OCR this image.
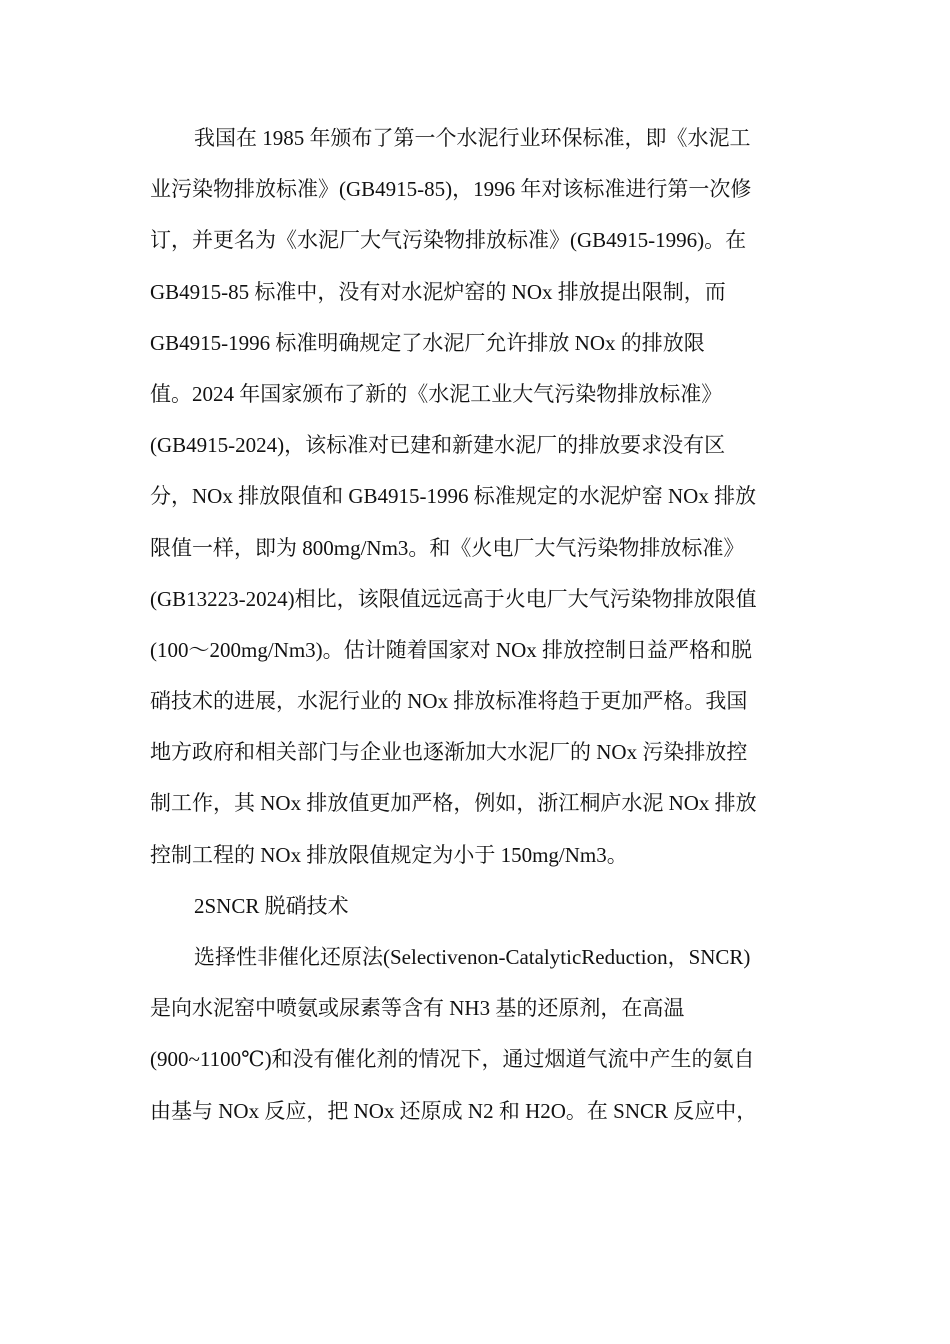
我国在 1985 年颁布了第一个水泥行业环保标准，即《水泥工
业污染物排放标准》(GB4915-85)，1996 年对该标准进行第一次修
订，并更名为《水泥厂大气污染物排放标准》(GB4915-1996)。在
GB4915-85 标准中，没有对水泥炉窑的 NOx 排放提出限制，而
GB4915-1996 标准明确规定了水泥厂允许排放 NOx 的排放限
值。2024 年国家颁布了新的《水泥工业大气污染物排放标准》
(GB4915-2024)，该标准对已建和新建水泥厂的排放要求没有区
分，NOx 排放限值和 GB4915-1996 标准规定的水泥炉窑 NOx 排放
限值一样，即为 800mg/Nm3。和《火电厂大气污染物排放标准》
(GB13223-2024)相比，该限值远远高于火电厂大气污染物排放限值
(100～200mg/Nm3)。估计随着国家对 NOx 排放控制日益严格和脱
硝技术的进展，水泥行业的 NOx 排放标准将趋于更加严格。我国
地方政府和相关部门与企业也逐渐加大水泥厂的 NOx 污染排放控
制工作，其 NOx 排放值更加严格，例如，浙江桐庐水泥 NOx 排放
控制工程的 NOx 排放限值规定为小于 150mg/Nm3。
2SNCR 脱硝技术
选择性非催化还原法(Selectivenon-CatalyticReduction，SNCR)
是向水泥窑中喷氨或尿素等含有 NH3 基的还原剂，在高温
(900~1100℃)和没有催化剂的情况下，通过烟道气流中产生的氨自
由基与 NOx 反应，把 NOx 还原成 N2 和 H2O。在 SNCR 反应中，
